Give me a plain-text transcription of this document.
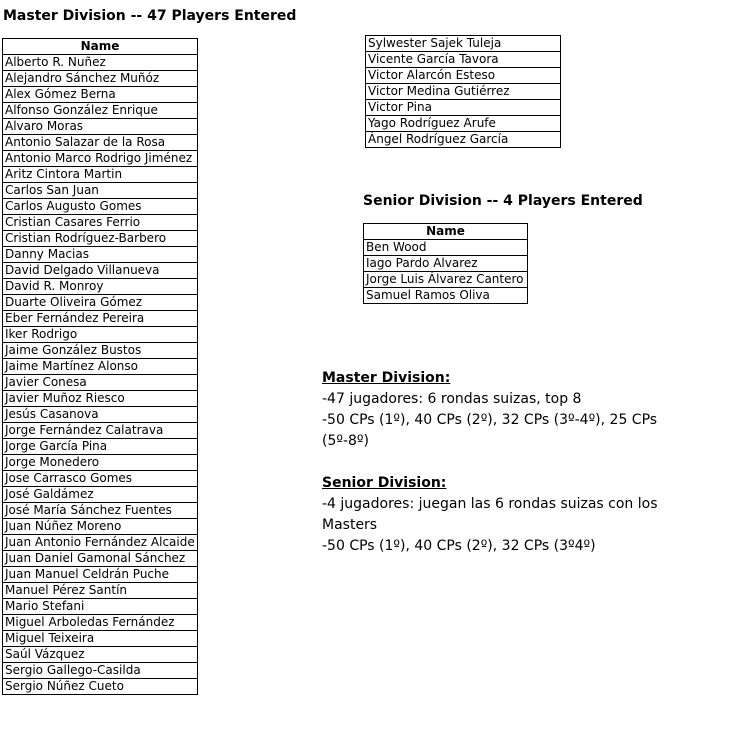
Master Division -- 47 Players Entered
Name
Alberto R. Nuñez
Alejandro Sánchez Muñóz
Alex Gómez Berna
Alfonso González Enrique
Alvaro Moras
Antonio Salazar de la Rosa
Antonio Marco Rodrigo Jiménez
Aritz Cintora Martin
Carlos San Juan
Carlos Augusto Gomes
Cristian Casares Ferrio
Cristian Rodríguez-Barbero
Danny Macias
David Delgado Villanueva
David R. Monroy
Duarte Oliveira Gómez
Eber Fernández Pereira
Iker Rodrigo
Jaime González Bustos
Jaime Martínez Alonso
Javier Conesa
Javier Muñoz Riesco
Jesús Casanova
Jorge Fernández Calatrava
Jorge García Pina
Jorge Monedero
Jose Carrasco Gomes
José Galdámez
José María Sánchez Fuentes
Juan Núñez Moreno
Juan Antonio Fernández Alcaide
Juan Daniel Gamonal Sánchez
Juan Manuel Celdrán Puche
Manuel Pérez Santín
Mario Stefani
Miguel Arboledas Fernández
Miguel Teixeira
Saúl Vázquez
Sergio Gallego-Casilda
Sergio Núñez Cueto
Sylwester Sajek Tuleja
Vicente García Tavora
Victor Alarcón Esteso
Victor Medina Gutiérrez
Victor Pina
Yago Rodríguez Arufe
Ángel Rodríguez García
Senior Division -- 4 Players Entered
Name
Ben Wood
Iago Pardo Alvarez
Jorge Luis Álvarez Cantero
Samuel Ramos Oliva
Master Division:
-47 jugadores: 6 rondas suizas, top 8
-50 CPs (1º), 40 CPs (2º), 32 CPs (3º-4º), 25 CPs
(5º-8º)
Senior Division:
-4 jugadores: juegan las 6 rondas suizas con los
Masters
-50 CPs (1º), 40 CPs (2º), 32 CPs (3º4º)
